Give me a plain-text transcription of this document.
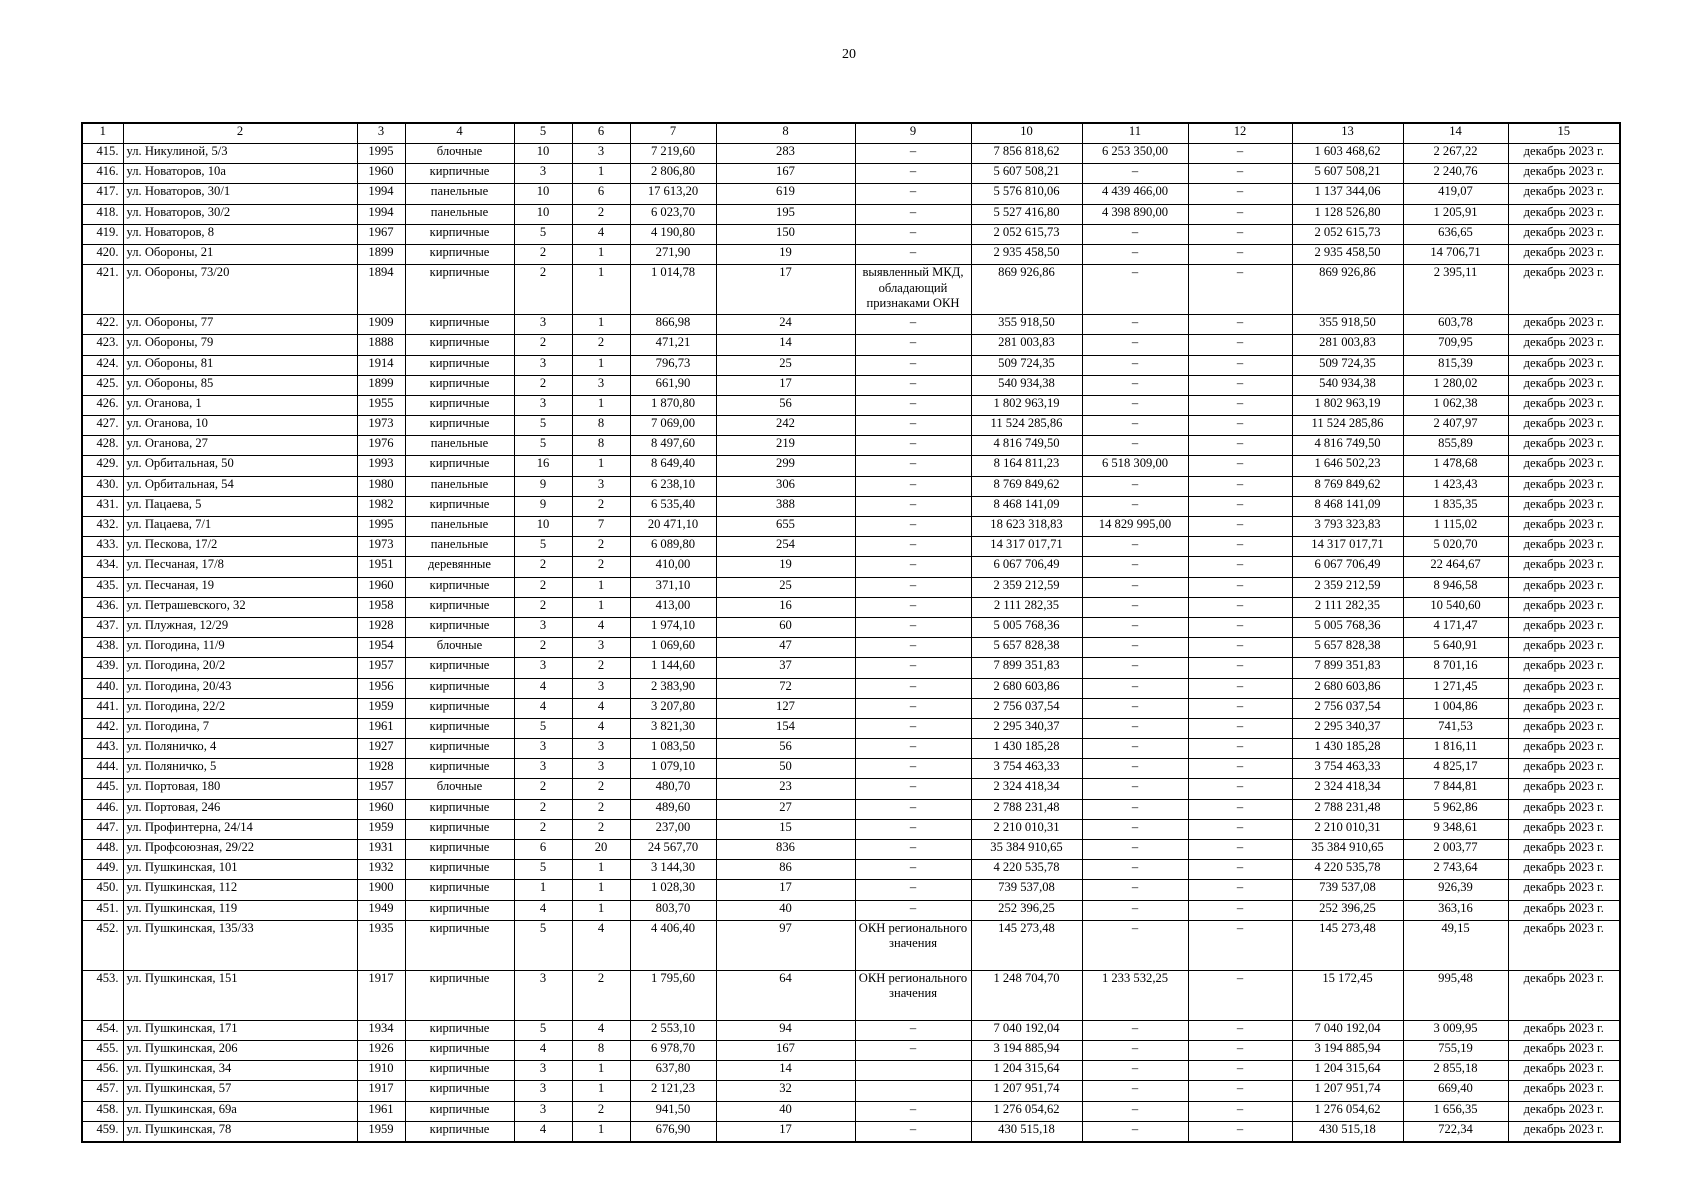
20
1	2	3	4	5	6	7	8	9	10	11	12	13	14	15
415.	ул. Никулиной, 5/3	1995	блочные	10	3	7 219,60	283	–	7 856 818,62	6 253 350,00	–	1 603 468,62	2 267,22	декабрь 2023 г.
416.	ул. Новаторов, 10а	1960	кирпичные	3	1	2 806,80	167	–	5 607 508,21	–	–	5 607 508,21	2 240,76	декабрь 2023 г.
417.	ул. Новаторов, 30/1	1994	панельные	10	6	17 613,20	619	–	5 576 810,06	4 439 466,00	–	1 137 344,06	419,07	декабрь 2023 г.
418.	ул. Новаторов, 30/2	1994	панельные	10	2	6 023,70	195	–	5 527 416,80	4 398 890,00	–	1 128 526,80	1 205,91	декабрь 2023 г.
419.	ул. Новаторов, 8	1967	кирпичные	5	4	4 190,80	150	–	2 052 615,73	–	–	2 052 615,73	636,65	декабрь 2023 г.
420.	ул. Обороны, 21	1899	кирпичные	2	1	271,90	19	–	2 935 458,50	–	–	2 935 458,50	14 706,71	декабрь 2023 г.
421.	ул. Обороны, 73/20	1894	кирпичные	2	1	1 014,78	17	выявленный МКД, обладающий признаками ОКН	869 926,86	–	–	869 926,86	2 395,11	декабрь 2023 г.
422.	ул. Обороны, 77	1909	кирпичные	3	1	866,98	24	–	355 918,50	–	–	355 918,50	603,78	декабрь 2023 г.
423.	ул. Обороны, 79	1888	кирпичные	2	2	471,21	14	–	281 003,83	–	–	281 003,83	709,95	декабрь 2023 г.
424.	ул. Обороны, 81	1914	кирпичные	3	1	796,73	25	–	509 724,35	–	–	509 724,35	815,39	декабрь 2023 г.
425.	ул. Обороны, 85	1899	кирпичные	2	3	661,90	17	–	540 934,38	–	–	540 934,38	1 280,02	декабрь 2023 г.
426.	ул. Оганова, 1	1955	кирпичные	3	1	1 870,80	56	–	1 802 963,19	–	–	1 802 963,19	1 062,38	декабрь 2023 г.
427.	ул. Оганова, 10	1973	кирпичные	5	8	7 069,00	242	–	11 524 285,86	–	–	11 524 285,86	2 407,97	декабрь 2023 г.
428.	ул. Оганова, 27	1976	панельные	5	8	8 497,60	219	–	4 816 749,50	–	–	4 816 749,50	855,89	декабрь 2023 г.
429.	ул. Орбитальная, 50	1993	кирпичные	16	1	8 649,40	299	–	8 164 811,23	6 518 309,00	–	1 646 502,23	1 478,68	декабрь 2023 г.
430.	ул. Орбитальная, 54	1980	панельные	9	3	6 238,10	306	–	8 769 849,62	–	–	8 769 849,62	1 423,43	декабрь 2023 г.
431.	ул. Пацаева, 5	1982	кирпичные	9	2	6 535,40	388	–	8 468 141,09	–	–	8 468 141,09	1 835,35	декабрь 2023 г.
432.	ул. Пацаева, 7/1	1995	панельные	10	7	20 471,10	655	–	18 623 318,83	14 829 995,00	–	3 793 323,83	1 115,02	декабрь 2023 г.
433.	ул. Пескова, 17/2	1973	панельные	5	2	6 089,80	254	–	14 317 017,71	–	–	14 317 017,71	5 020,70	декабрь 2023 г.
434.	ул. Песчаная, 17/8	1951	деревянные	2	2	410,00	19	–	6 067 706,49	–	–	6 067 706,49	22 464,67	декабрь 2023 г.
435.	ул. Песчаная, 19	1960	кирпичные	2	1	371,10	25	–	2 359 212,59	–	–	2 359 212,59	8 946,58	декабрь 2023 г.
436.	ул. Петрашевского, 32	1958	кирпичные	2	1	413,00	16	–	2 111 282,35	–	–	2 111 282,35	10 540,60	декабрь 2023 г.
437.	ул. Плужная, 12/29	1928	кирпичные	3	4	1 974,10	60	–	5 005 768,36	–	–	5 005 768,36	4 171,47	декабрь 2023 г.
438.	ул. Погодина, 11/9	1954	блочные	2	3	1 069,60	47	–	5 657 828,38	–	–	5 657 828,38	5 640,91	декабрь 2023 г.
439.	ул. Погодина, 20/2	1957	кирпичные	3	2	1 144,60	37	–	7 899 351,83	–	–	7 899 351,83	8 701,16	декабрь 2023 г.
440.	ул. Погодина, 20/43	1956	кирпичные	4	3	2 383,90	72	–	2 680 603,86	–	–	2 680 603,86	1 271,45	декабрь 2023 г.
441.	ул. Погодина, 22/2	1959	кирпичные	4	4	3 207,80	127	–	2 756 037,54	–	–	2 756 037,54	1 004,86	декабрь 2023 г.
442.	ул. Погодина, 7	1961	кирпичные	5	4	3 821,30	154	–	2 295 340,37	–	–	2 295 340,37	741,53	декабрь 2023 г.
443.	ул. Поляничко, 4	1927	кирпичные	3	3	1 083,50	56	–	1 430 185,28	–	–	1 430 185,28	1 816,11	декабрь 2023 г.
444.	ул. Поляничко, 5	1928	кирпичные	3	3	1 079,10	50	–	3 754 463,33	–	–	3 754 463,33	4 825,17	декабрь 2023 г.
445.	ул. Портовая, 180	1957	блочные	2	2	480,70	23	–	2 324 418,34	–	–	2 324 418,34	7 844,81	декабрь 2023 г.
446.	ул. Портовая, 246	1960	кирпичные	2	2	489,60	27	–	2 788 231,48	–	–	2 788 231,48	5 962,86	декабрь 2023 г.
447.	ул. Профинтерна, 24/14	1959	кирпичные	2	2	237,00	15	–	2 210 010,31	–	–	2 210 010,31	9 348,61	декабрь 2023 г.
448.	ул. Профсоюзная, 29/22	1931	кирпичные	6	20	24 567,70	836	–	35 384 910,65	–	–	35 384 910,65	2 003,77	декабрь 2023 г.
449.	ул. Пушкинская, 101	1932	кирпичные	5	1	3 144,30	86	–	4 220 535,78	–	–	4 220 535,78	2 743,64	декабрь 2023 г.
450.	ул. Пушкинская, 112	1900	кирпичные	1	1	1 028,30	17	–	739 537,08	–	–	739 537,08	926,39	декабрь 2023 г.
451.	ул. Пушкинская, 119	1949	кирпичные	4	1	803,70	40	–	252 396,25	–	–	252 396,25	363,16	декабрь 2023 г.
452.	ул. Пушкинская, 135/33	1935	кирпичные	5	4	4 406,40	97	ОКН регионального значения	145 273,48	–	–	145 273,48	49,15	декабрь 2023 г.
453.	ул. Пушкинская, 151	1917	кирпичные	3	2	1 795,60	64	ОКН регионального значения	1 248 704,70	1 233 532,25	–	15 172,45	995,48	декабрь 2023 г.
454.	ул. Пушкинская, 171	1934	кирпичные	5	4	2 553,10	94	–	7 040 192,04	–	–	7 040 192,04	3 009,95	декабрь 2023 г.
455.	ул. Пушкинская, 206	1926	кирпичные	4	8	6 978,70	167	–	3 194 885,94	–	–	3 194 885,94	755,19	декабрь 2023 г.
456.	ул. Пушкинская, 34	1910	кирпичные	3	1	637,80	14		1 204 315,64	–	–	1 204 315,64	2 855,18	декабрь 2023 г.
457.	ул. Пушкинская, 57	1917	кирпичные	3	1	2 121,23	32		1 207 951,74	–	–	1 207 951,74	669,40	декабрь 2023 г.
458.	ул. Пушкинская, 69а	1961	кирпичные	3	2	941,50	40	–	1 276 054,62	–	–	1 276 054,62	1 656,35	декабрь 2023 г.
459.	ул. Пушкинская, 78	1959	кирпичные	4	1	676,90	17	–	430 515,18	–	–	430 515,18	722,34	декабрь 2023 г.
